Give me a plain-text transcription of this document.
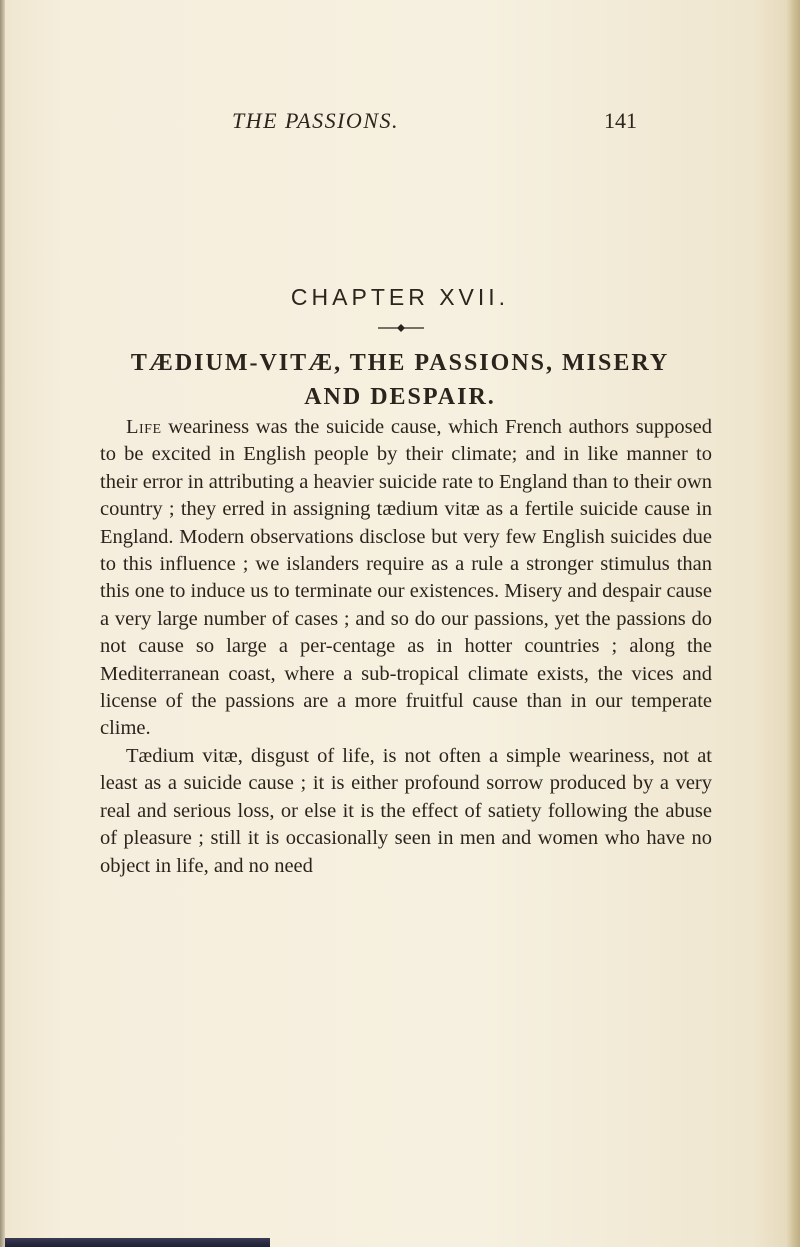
THE PASSIONS.	141
CHAPTER XVII.
TÆDIUM-VITÆ, THE PASSIONS, MISERY
AND DESPAIR.

Life weariness was the suicide cause, which French authors supposed to be excited in English people by their climate; and in like manner to their error in attributing a heavier suicide rate to England than to their own country ; they erred in assigning tædium vitæ as a fertile suicide cause in England. Modern observations disclose but very few English suicides due to this influence ; we islanders require as a rule a stronger stimulus than this one to induce us to terminate our existences. Misery and despair cause a very large number of cases ; and so do our passions, yet the passions do not cause so large a per-centage as in hotter countries ; along the Mediterranean coast, where a sub-tropical climate exists, the vices and license of the passions are a more fruitful cause than in our temperate clime.

Tædium vitæ, disgust of life, is not often a simple weariness, not at least as a suicide cause ; it is either profound sorrow produced by a very real and serious loss, or else it is the effect of satiety following the abuse of pleasure ; still it is occasionally seen in men and women who have no object in life, and no need
